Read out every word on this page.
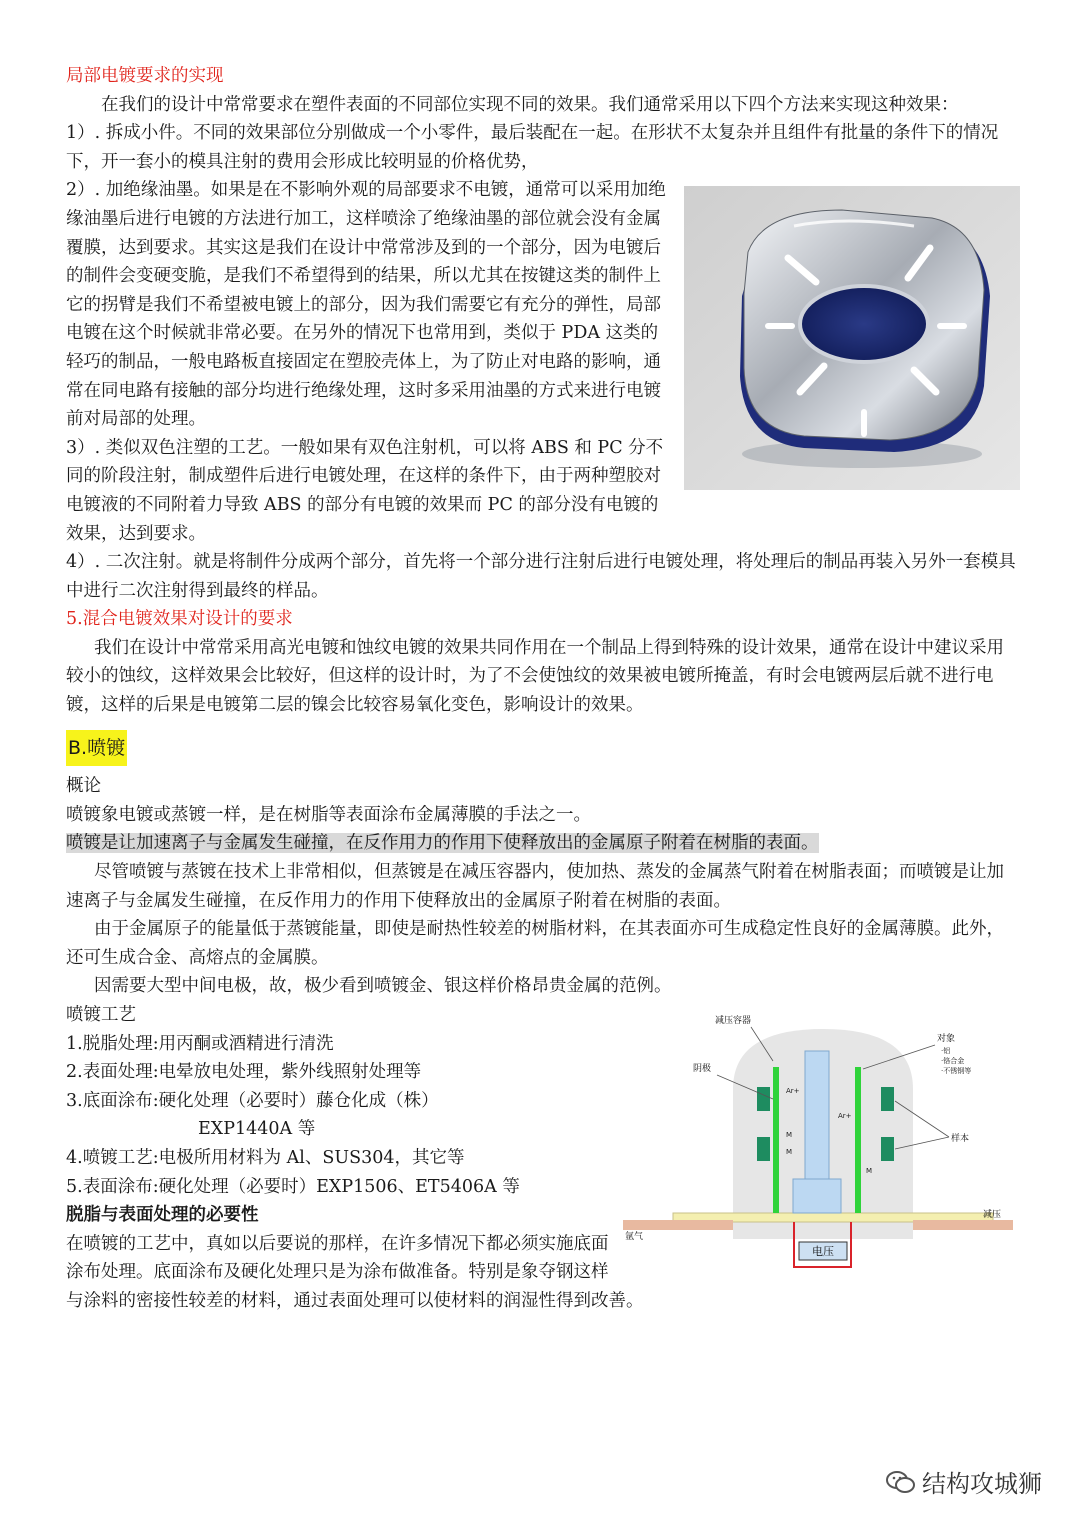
局部电镀要求的实现

在我们的设计中常常要求在塑件表面的不同部位实现不同的效果。我们通常采用以下四个方法来实现这种效果：

1）. 拆成小件。不同的效果部位分别做成一个小零件，最后装配在一起。在形状不太复杂并且组件有批量的条件下的情况下，开一套小的模具注射的费用会形成比较明显的价格优势，

2）. 加绝缘油墨。如果是在不影响外观的局部要求不电镀，通常可以采用加绝缘油墨后进行电镀的方法进行加工，这样喷涂了绝缘油墨的部位就会没有金属覆膜，达到要求。其实这是我们在设计中常常涉及到的一个部分，因为电镀后的制件会变硬变脆，是我们不希望得到的结果，所以尤其在按键这类的制件上它的拐臂是我们不希望被电镀上的部分，因为我们需要它有充分的弹性，局部电镀在这个时候就非常必要。在另外的情况下也常用到，类似于 PDA 这类的轻巧的制品，一般电路板直接固定在塑胶壳体上，为了防止对电路的影响，通常在同电路有接触的部分均进行绝缘处理，这时多采用油墨的方式来进行电镀前对局部的处理。

3）. 类似双色注塑的工艺。一般如果有双色注射机，可以将 ABS 和 PC 分不同的阶段注射，制成塑件后进行电镀处理，在这样的条件下，由于两种塑胶对电镀液的不同附着力导致 ABS 的部分有电镀的效果而 PC 的部分没有电镀的效果，达到要求。

4）. 二次注射。就是将制件分成两个部分，首先将一个部分进行注射后进行电镀处理，将处理后的制品再装入另外一套模具中进行二次注射得到最终的样品。

5.混合电镀效果对设计的要求

我们在设计中常常采用高光电镀和蚀纹电镀的效果共同作用在一个制品上得到特殊的设计效果，通常在设计中建议采用较小的蚀纹，这样效果会比较好，但这样的设计时，为了不会使蚀纹的效果被电镀所掩盖，有时会电镀两层后就不进行电镀，这样的后果是电镀第二层的镍会比较容易氧化变色，影响设计的效果。

B.喷镀

概论

喷镀象电镀或蒸镀一样，是在树脂等表面涂布金属薄膜的手法之一。

喷镀是让加速离子与金属发生碰撞，在反作用力的作用下使释放出的金属原子附着在树脂的表面。

尽管喷镀与蒸镀在技术上非常相似，但蒸镀是在减压容器内，使加热、蒸发的金属蒸气附着在树脂表面；而喷镀是让加速离子与金属发生碰撞，在反作用力的作用下使释放出的金属原子附着在树脂的表面。

由于金属原子的能量低于蒸镀能量，即使是耐热性较差的树脂材料，在其表面亦可生成稳定性良好的金属薄膜。此外，还可生成合金、高熔点的金属膜。

因需要大型中间电极，故，极少看到喷镀金、银这样价格昂贵金属的范例。

电压
减压容器
对象
·铝
·铬合金
·不锈钢等
阴极
样本
氩气
减压
Ar+
Ar+
M
M
M

喷镀工艺

1.脱脂处理:用丙酮或酒精进行清洗

2.表面处理:电晕放电处理，紫外线照射处理等

3.底面涂布:硬化处理（必要时）藤仓化成（株）

EXP1440A 等

4.喷镀工艺:电极所用材料为 Al、SUS304，其它等

5.表面涂布:硬化处理（必要时）EXP1506、ET5406A 等

脱脂与表面处理的必要性

在喷镀的工艺中，真如以后要说的那样，在许多情况下都必须实施底面涂布处理。底面涂布及硬化处理只是为涂布做准备。特别是象夺钢这样与涂料的密接性较差的材料，通过表面处理可以使材料的润湿性得到改善。

结构攻城狮
